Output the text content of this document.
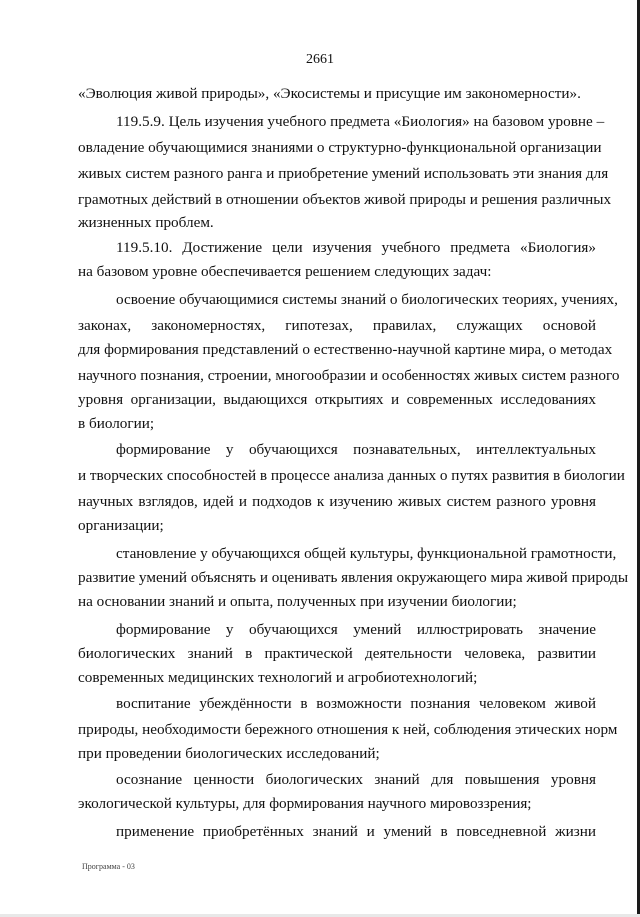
2661
«Эволюция живой природы», «Экосистемы и присущие им закономерности».
119.5.9. Цель изучения учебного предмета «Биология» на базовом уровне –
овладение обучающимися знаниями о структурно-функциональной организации
живых систем разного ранга и приобретение умений использовать эти знания для
грамотных действий в отношении объектов живой природы и решения различных
жизненных проблем.
119.5.10. Достижение цели изучения учебного предмета «Биология»
на базовом уровне обеспечивается решением следующих задач:
освоение обучающимися системы знаний о биологических теориях, учениях,
законах, закономерностях, гипотезах, правилах, служащих основой
для формирования представлений о естественно-научной картине мира, о методах
научного познания, строении, многообразии и особенностях живых систем разного
уровня организации, выдающихся открытиях и современных исследованиях
в биологии;
формирование у обучающихся познавательных, интеллектуальных
и творческих способностей в процессе анализа данных о путях развития в биологии
научных взглядов, идей и подходов к изучению живых систем разного уровня
организации;
становление у обучающихся общей культуры, функциональной грамотности,
развитие умений объяснять и оценивать явления окружающего мира живой природы
на основании знаний и опыта, полученных при изучении биологии;
формирование у обучающихся умений иллюстрировать значение
биологических знаний в практической деятельности человека, развитии
современных медицинских технологий и агробиотехнологий;
воспитание убеждённости в возможности познания человеком живой
природы, необходимости бережного отношения к ней, соблюдения этических норм
при проведении биологических исследований;
осознание ценности биологических знаний для повышения уровня
экологической культуры, для формирования научного мировоззрения;
применение приобретённых знаний и умений в повседневной жизни
Программа - 03
